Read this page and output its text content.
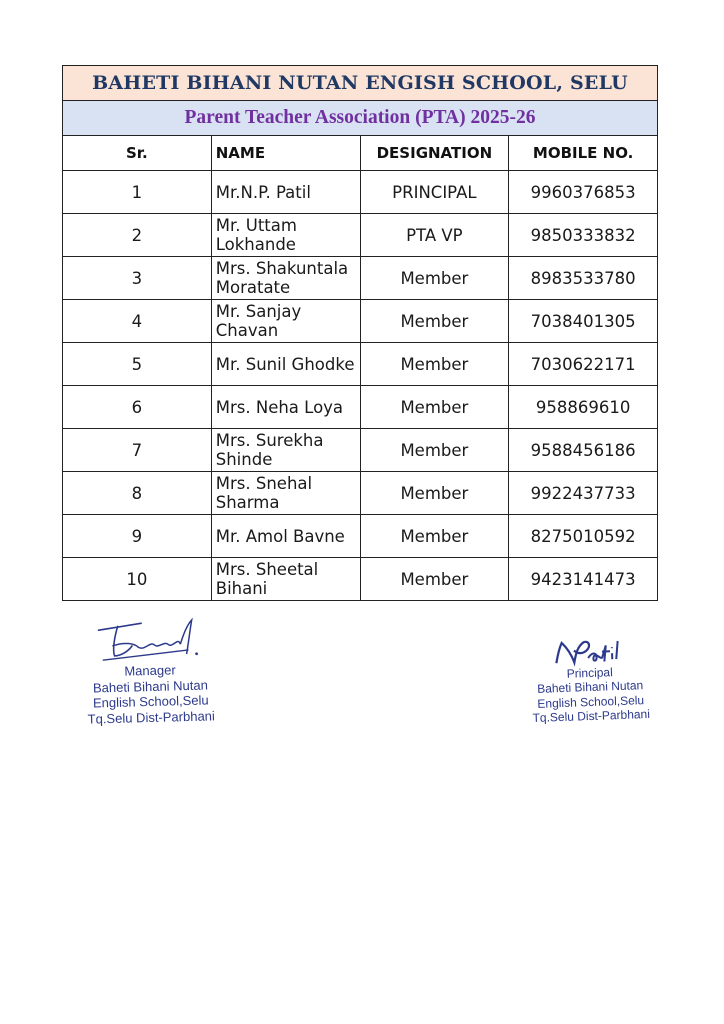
BAHETI BIHANI NUTAN ENGISH SCHOOL, SELU			
Parent Teacher Association (PTA) 2025-26			
Sr.	NAME	DESIGNATION	MOBILE NO.
1	Mr.N.P. Patil	PRINCIPAL	9960376853
2	Mr. Uttam Lokhande	PTA VP	9850333832
3	Mrs. Shakuntala Moratate	Member	8983533780
4	Mr. Sanjay Chavan	Member	7038401305
5	Mr. Sunil Ghodke	Member	7030622171
6	Mrs. Neha Loya	Member	958869610
7	Mrs. Surekha Shinde	Member	9588456186
8	Mrs. Snehal Sharma	Member	9922437733
9	Mr. Amol Bavne	Member	8275010592
10	Mrs. Sheetal Bihani	Member	9423141473
Manager
Baheti Bihani Nutan
English School,Selu
Tq.Selu Dist-Parbhani
Principal
Baheti Bihani Nutan
English School,Selu
Tq.Selu Dist-Parbhani
